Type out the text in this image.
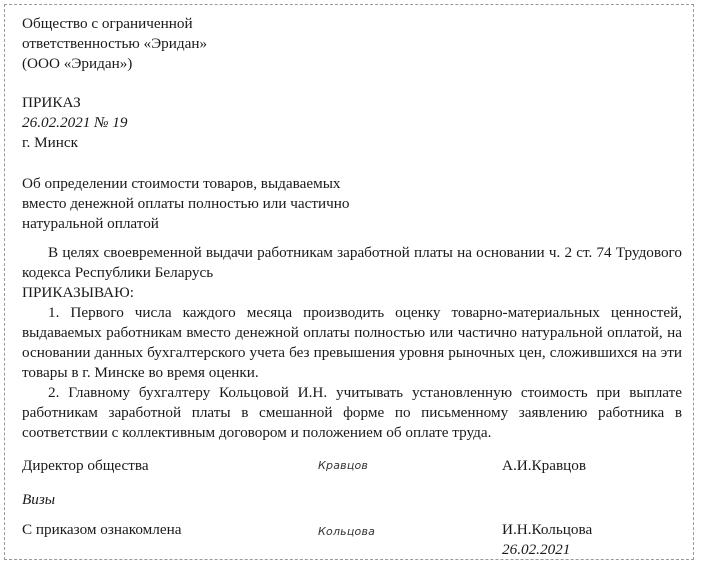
Общество с ограниченной
ответственностью «Эридан»
(ООО «Эридан»)
ПРИКАЗ
26.02.2021 № 19
г. Минск
Об определении стоимости товаров, выдаваемых
вместо денежной оплаты полностью или частично
натуральной оплатой
В целях своевременной выдачи работникам заработной платы на основании ч. 2 ст. 74 Трудового кодекса Республики Беларусь
ПРИКАЗЫВАЮ:
1. Первого числа каждого месяца производить оценку товарно-материальных ценностей, выдаваемых работникам вместо денежной оплаты полностью или частично натуральной оплатой, на основании данных бухгалтерского учета без превышения уровня рыночных цен, сложившихся на эти товары в г. Минске во время оценки.
2. Главному бухгалтеру Кольцовой И.Н. учитывать установленную стоимость при выплате работникам заработной платы в смешанной форме по письменному заявлению работника в соответствии с коллективным договором и положением об оплате труда.
Директор общества	Кравцов	А.И.Кравцов
Визы
С приказом ознакомлена	Кольцова	И.Н.Кольцова
26.02.2021
